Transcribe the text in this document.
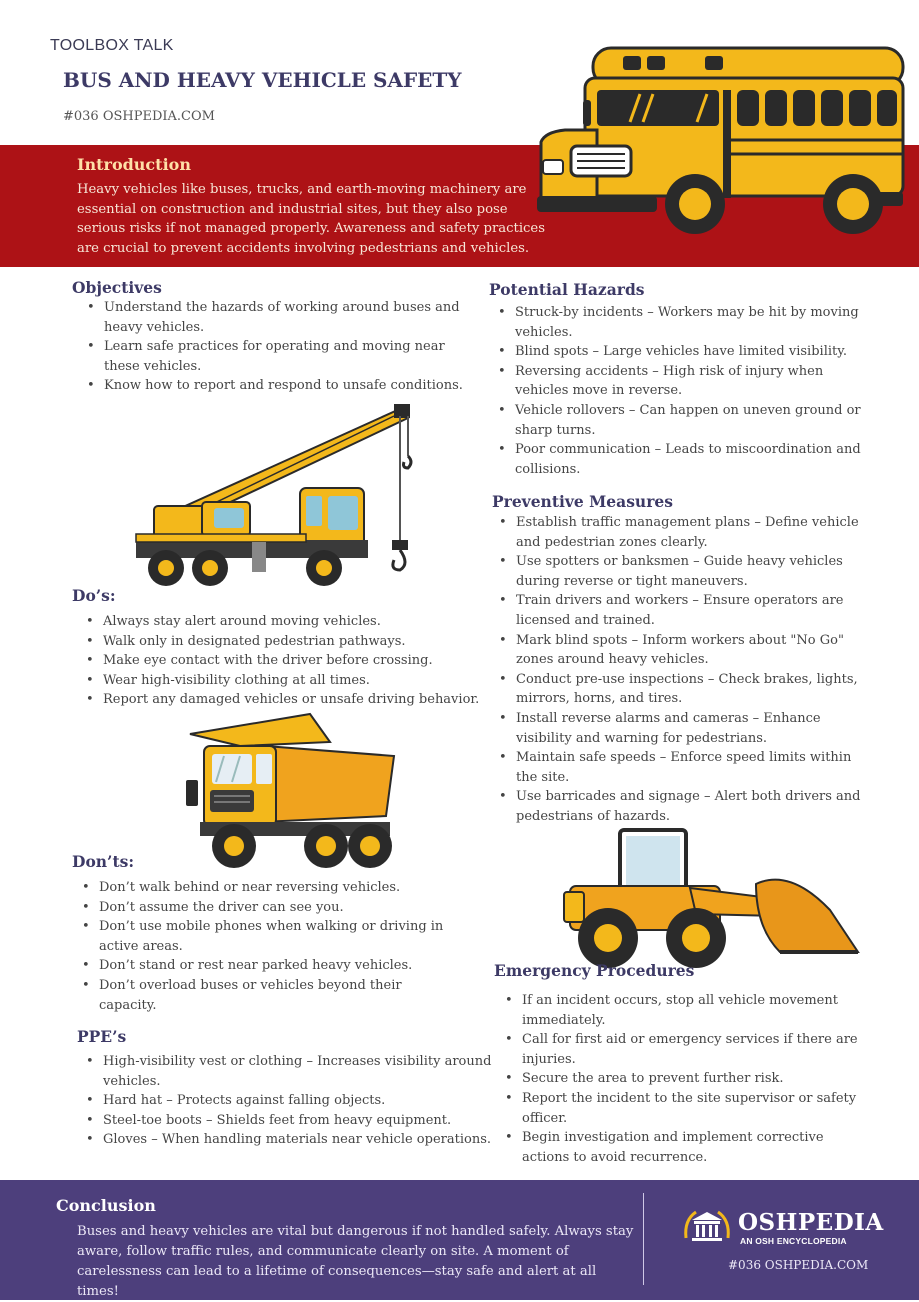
TOOLBOX TALK
BUS AND HEAVY VEHICLE SAFETY
#036 OSHPEDIA.COM
Introduction
Heavy vehicles like buses, trucks, and earth-moving machinery are essential on construction and industrial sites, but they also pose serious risks if not managed properly. Awareness and safety practices are crucial to prevent accidents involving pedestrians and vehicles.
Objectives
• Understand the hazards of working around buses and heavy vehicles.
• Learn safe practices for operating and moving near these vehicles.
• Know how to report and respond to unsafe conditions.
Potential Hazards
• Struck-by incidents – Workers may be hit by moving vehicles.
• Blind spots – Large vehicles have limited visibility.
• Reversing accidents – High risk of injury when vehicles move in reverse.
• Vehicle rollovers – Can happen on uneven ground or sharp turns.
• Poor communication – Leads to miscoordination and collisions.
Preventive Measures
• Establish traffic management plans – Define vehicle and pedestrian zones clearly.
• Use spotters or banksmen – Guide heavy vehicles during reverse or tight maneuvers.
• Train drivers and workers – Ensure operators are licensed and trained.
• Mark blind spots – Inform workers about "No Go" zones around heavy vehicles.
• Conduct pre-use inspections – Check brakes, lights, mirrors, horns, and tires.
• Install reverse alarms and cameras – Enhance visibility and warning for pedestrians.
• Maintain safe speeds – Enforce speed limits within the site.
• Use barricades and signage – Alert both drivers and pedestrians of hazards.
Do’s:
• Always stay alert around moving vehicles.
• Walk only in designated pedestrian pathways.
• Make eye contact with the driver before crossing.
• Wear high-visibility clothing at all times.
• Report any damaged vehicles or unsafe driving behavior.
Don’ts:
• Don’t walk behind or near reversing vehicles.
• Don’t assume the driver can see you.
• Don’t use mobile phones when walking or driving in active areas.
• Don’t stand or rest near parked heavy vehicles.
• Don’t overload buses or vehicles beyond their capacity.
Emergency Procedures
• If an incident occurs, stop all vehicle movement immediately.
• Call for first aid or emergency services if there are injuries.
• Secure the area to prevent further risk.
• Report the incident to the site supervisor or safety officer.
• Begin investigation and implement corrective actions to avoid recurrence.
PPE’s
• High-visibility vest or clothing – Increases visibility around vehicles.
• Hard hat – Protects against falling objects.
• Steel-toe boots – Shields feet from heavy equipment.
• Gloves – When handling materials near vehicle operations.
Conclusion
Buses and heavy vehicles are vital but dangerous if not handled safely. Always stay aware, follow traffic rules, and communicate clearly on site. A moment of carelessness can lead to a lifetime of consequences—stay safe and alert at all times!
OSHPEDIA
AN OSH ENCYCLOPEDIA
#036 OSHPEDIA.COM
